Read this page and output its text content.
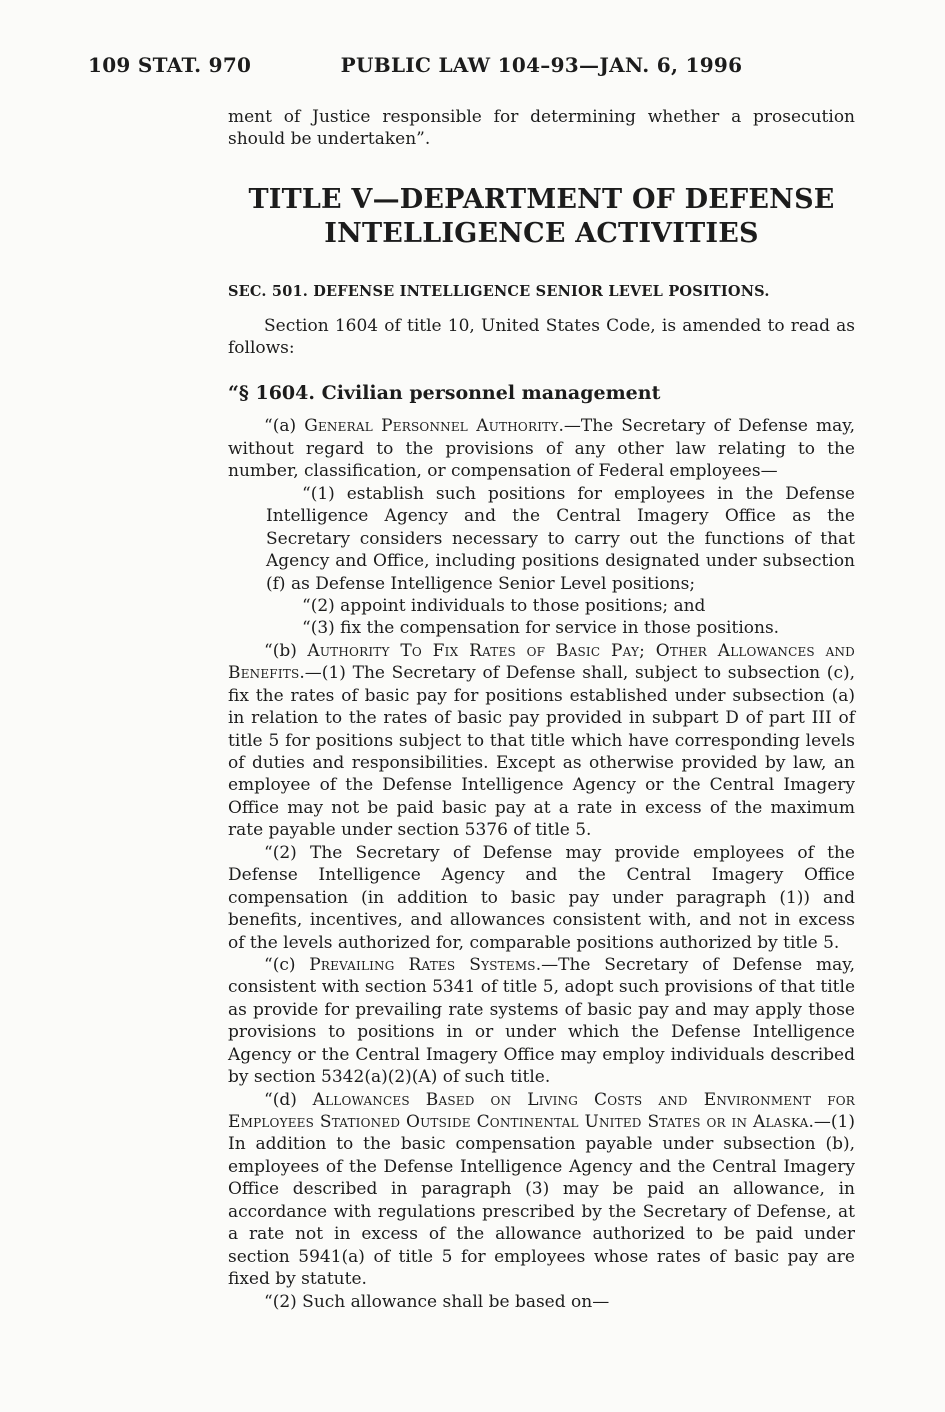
109 STAT. 970	PUBLIC LAW 104–93—JAN. 6, 1996

ment of Justice responsible for determining whether a prosecution should be undertaken”.

TITLE V—DEPARTMENT OF DEFENSE
INTELLIGENCE ACTIVITIES
SEC. 501. DEFENSE INTELLIGENCE SENIOR LEVEL POSITIONS.

Section 1604 of title 10, United States Code, is amended to read as follows:

“§ 1604. Civilian personnel management

“(a) General Personnel Authority.—The Secretary of Defense may, without regard to the provisions of any other law relating to the number, classification, or compensation of Federal employees—

“(1) establish such positions for employees in the Defense Intelligence Agency and the Central Imagery Office as the Secretary considers necessary to carry out the functions of that Agency and Office, including positions designated under subsection (f) as Defense Intelligence Senior Level positions;

“(2) appoint individuals to those positions; and

“(3) fix the compensation for service in those positions.

“(b) Authority To Fix Rates of Basic Pay; Other Allowances and Benefits.—(1) The Secretary of Defense shall, subject to subsection (c), fix the rates of basic pay for positions established under subsection (a) in relation to the rates of basic pay provided in subpart D of part III of title 5 for positions subject to that title which have corresponding levels of duties and responsibilities. Except as otherwise provided by law, an employee of the Defense Intelligence Agency or the Central Imagery Office may not be paid basic pay at a rate in excess of the maximum rate payable under section 5376 of title 5.

“(2) The Secretary of Defense may provide employees of the Defense Intelligence Agency and the Central Imagery Office compensation (in addition to basic pay under paragraph (1)) and benefits, incentives, and allowances consistent with, and not in excess of the levels authorized for, comparable positions authorized by title 5.

“(c) Prevailing Rates Systems.—The Secretary of Defense may, consistent with section 5341 of title 5, adopt such provisions of that title as provide for prevailing rate systems of basic pay and may apply those provisions to positions in or under which the Defense Intelligence Agency or the Central Imagery Office may employ individuals described by section 5342(a)(2)(A) of such title.

“(d) Allowances Based on Living Costs and Environment for Employees Stationed Outside Continental United States or in Alaska.—(1) In addition to the basic compensation payable under subsection (b), employees of the Defense Intelligence Agency and the Central Imagery Office described in paragraph (3) may be paid an allowance, in accordance with regulations prescribed by the Secretary of Defense, at a rate not in excess of the allowance authorized to be paid under section 5941(a) of title 5 for employees whose rates of basic pay are fixed by statute.

“(2) Such allowance shall be based on—
